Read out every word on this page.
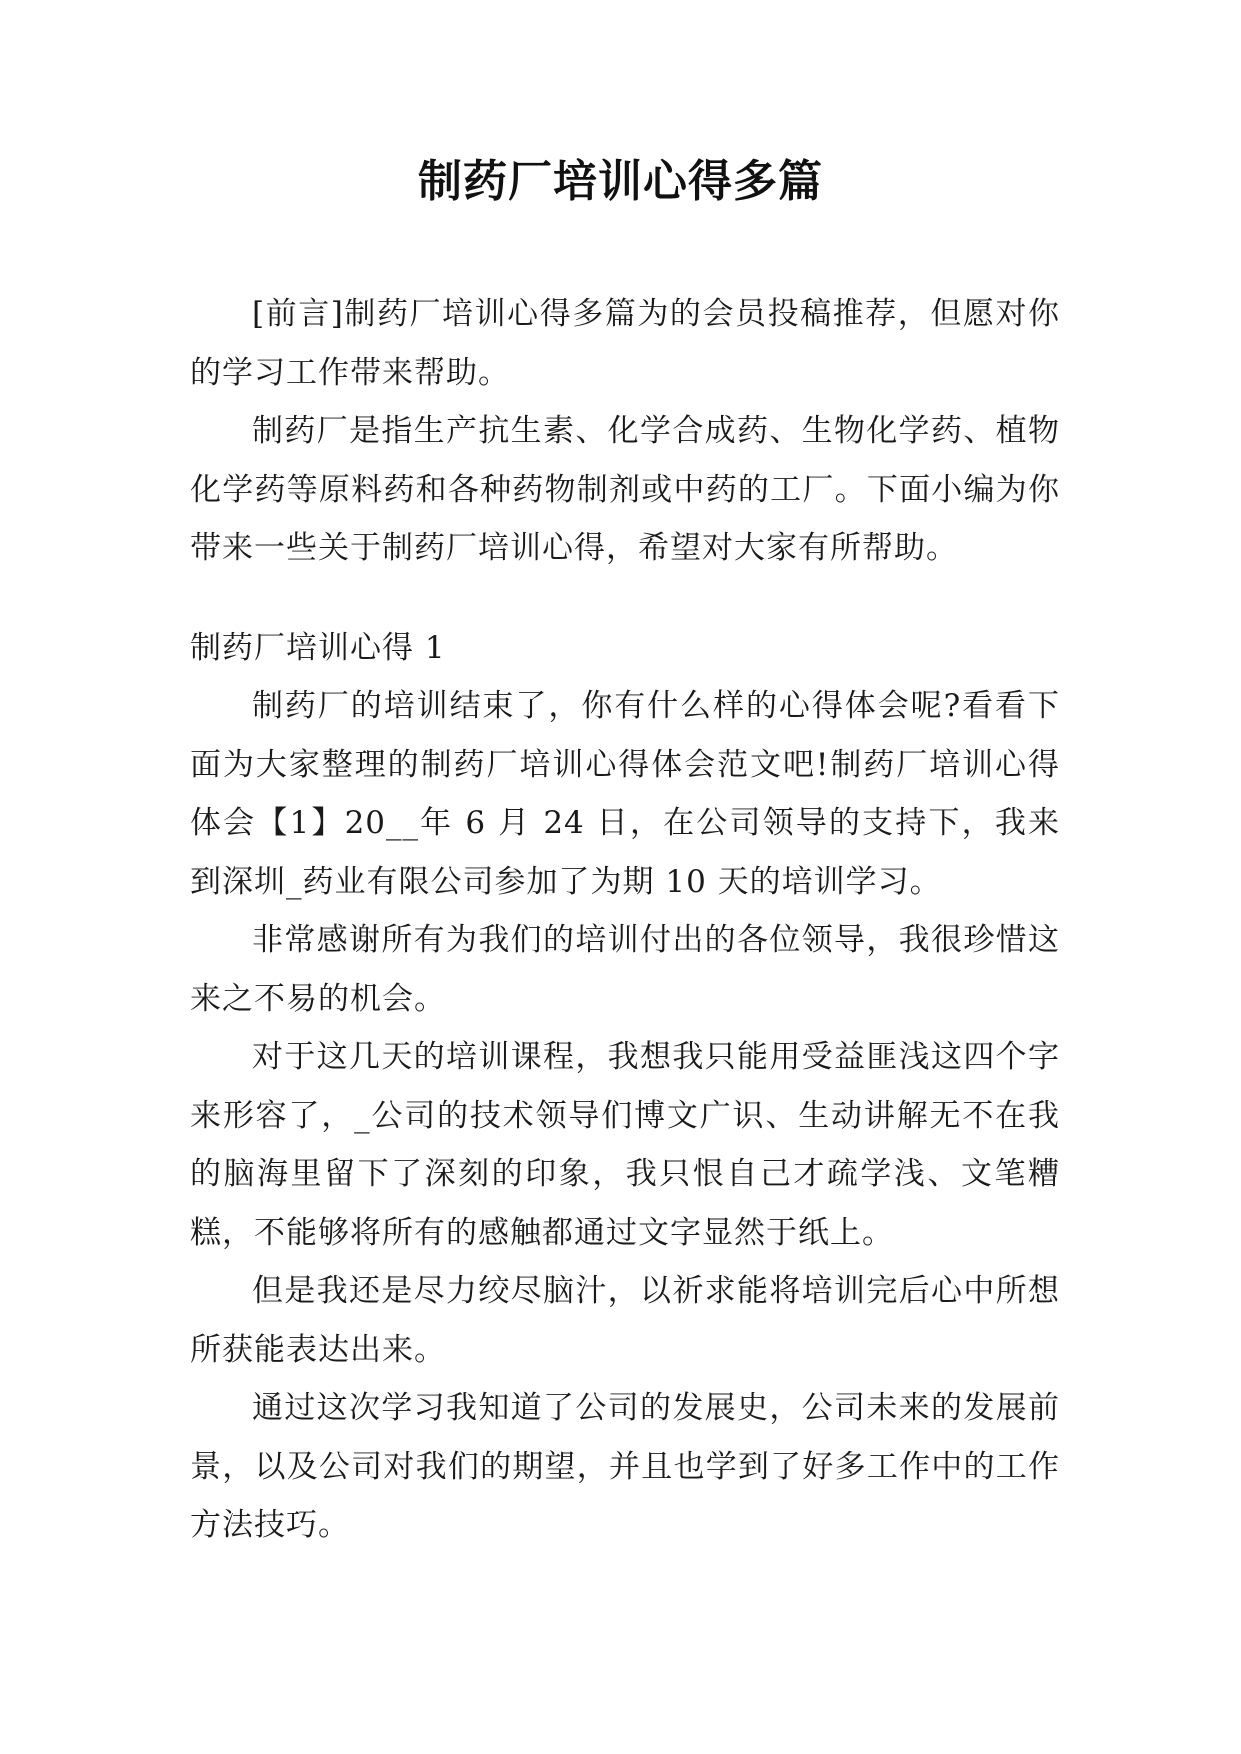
制药厂培训心得多篇

[前言]制药厂培训心得多篇为的会员投稿推荐，但愿对你的学习工作带来帮助。

制药厂是指生产抗生素、化学合成药、生物化学药、植物化学药等原料药和各种药物制剂或中药的工厂。下面小编为你带来一些关于制药厂培训心得，希望对大家有所帮助。

制药厂培训心得 1

制药厂的培训结束了，你有什么样的心得体会呢?看看下面为大家整理的制药厂培训心得体会范文吧!制药厂培训心得体会【1】20__年 6 月 24 日，在公司领导的支持下，我来到深圳_药业有限公司参加了为期 10 天的培训学习。

非常感谢所有为我们的培训付出的各位领导，我很珍惜这来之不易的机会。

对于这几天的培训课程，我想我只能用受益匪浅这四个字来形容了，_公司的技术领导们博文广识、生动讲解无不在我的脑海里留下了深刻的印象，我只恨自己才疏学浅、文笔糟糕，不能够将所有的感触都通过文字显然于纸上。

但是我还是尽力绞尽脑汁，以祈求能将培训完后心中所想所获能表达出来。

通过这次学习我知道了公司的发展史，公司未来的发展前景，以及公司对我们的期望，并且也学到了好多工作中的工作方法技巧。
